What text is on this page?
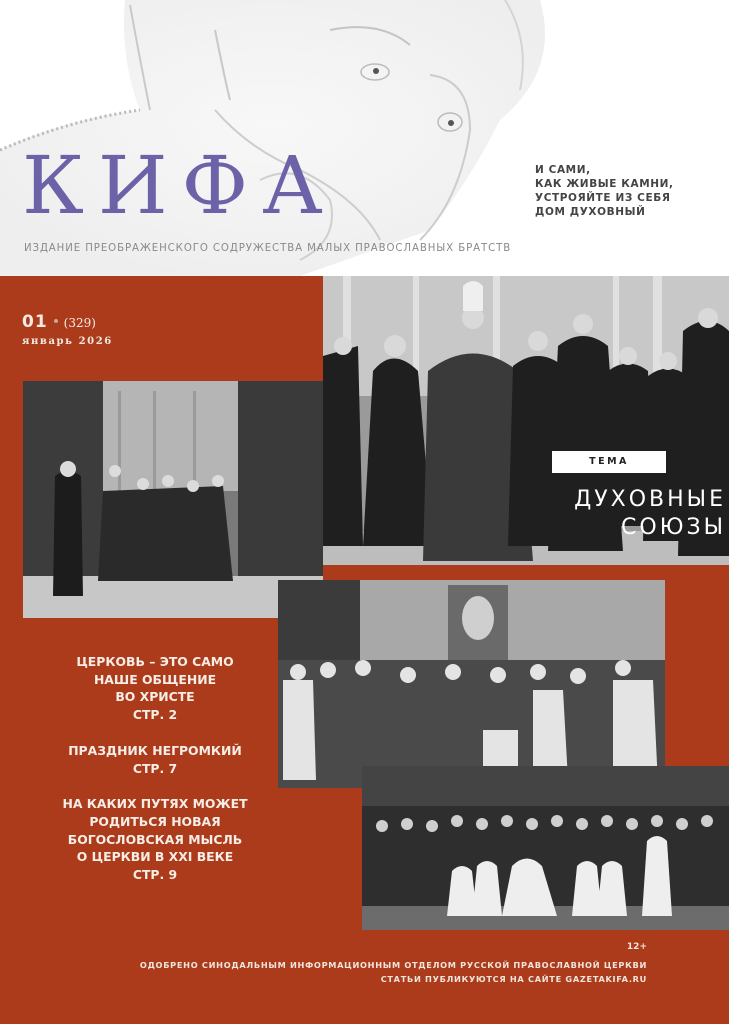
КИФА	И САМИ,
КАК ЖИВЫЕ КАМНИ,
УСТРОЯЙТЕ ИЗ СЕБЯ
ДОМ ДУХОВНЫЙ
ИЗДАНИЕ ПРЕОБРАЖЕНСКОГО СОДРУЖЕСТВА МАЛЫХ ПРАВОСЛАВНЫХ БРАТСТВ
01 (329)
январь 2026
ТЕМА
ДУХОВНЫЕ
СОЮЗЫ
ЦЕРКОВЬ – ЭТО САМО
НАШЕ ОБЩЕНИЕ
ВО ХРИСТЕ
СТР. 2
ПРАЗДНИК НЕГРОМКИЙ
СТР. 7
НА КАКИХ ПУТЯХ МОЖЕТ
РОДИТЬСЯ НОВАЯ
БОГОСЛОВСКАЯ МЫСЛЬ
О ЦЕРКВИ В XXI ВЕКЕ
СТР. 9
12+
ОДОБРЕНО СИНОДАЛЬНЫМ ИНФОРМАЦИОННЫМ ОТДЕЛОМ РУССКОЙ ПРАВОСЛАВНОЙ ЦЕРКВИ
СТАТЬИ ПУБЛИКУЮТСЯ НА САЙТЕ GAZETAKIFA.RU
